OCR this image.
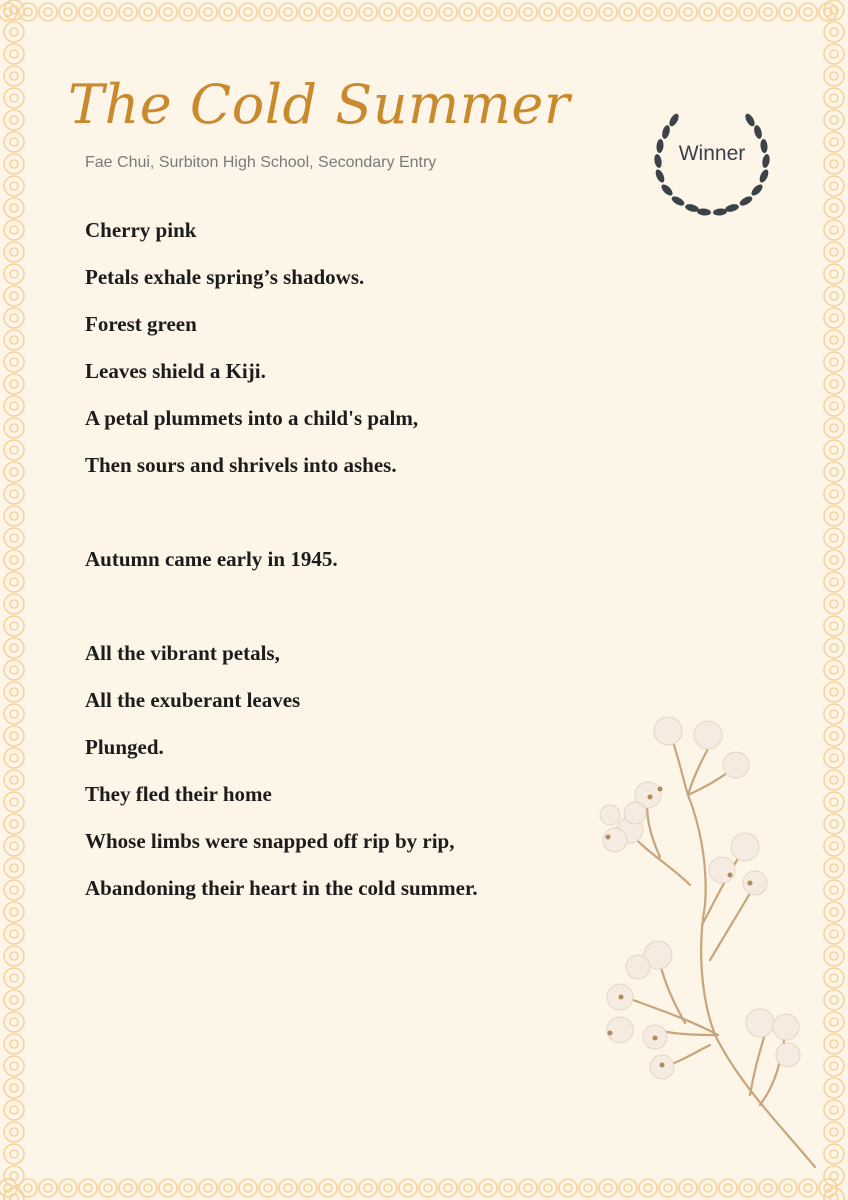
The Cold Summer

Fae Chui, Surbiton High School, Secondary Entry	Winner

Cherry pink

Petals exhale spring’s shadows.

Forest green

Leaves shield a Kiji.

A petal plummets into a child's palm,

Then sours and shrivels into ashes.

Autumn came early in 1945.

All the vibrant petals,

All the exuberant leaves

Plunged.

They fled their home

Whose limbs were snapped off rip by rip,

Abandoning their heart in the cold summer.
